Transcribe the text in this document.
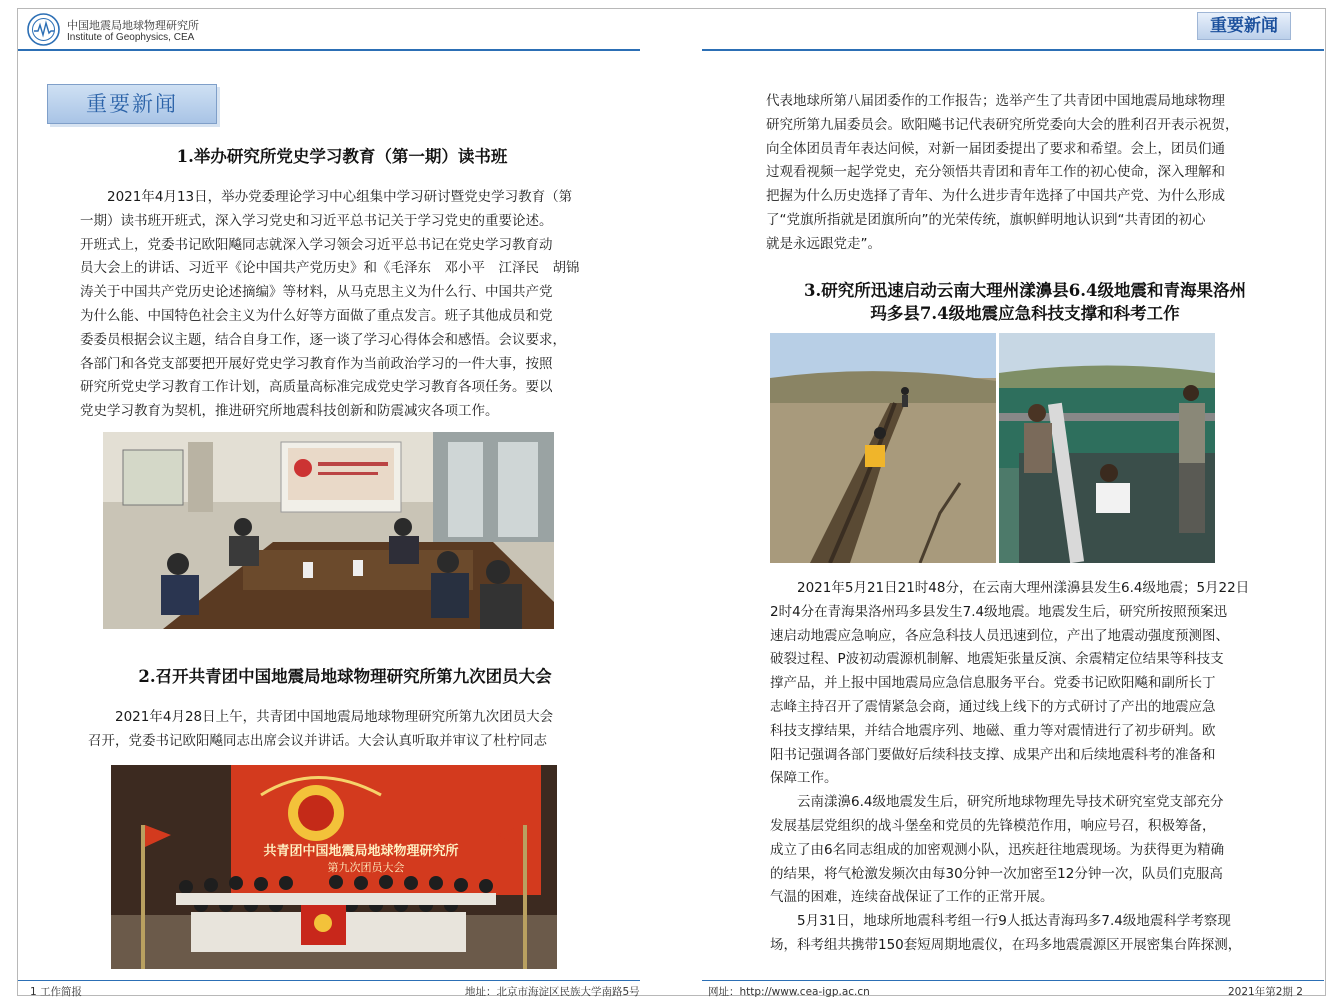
中国地震局地球物理研究所
Institute of Geophysics, CEA
重要新闻
重要新闻
1.举办研究所党史学习教育（第一期）读书班
2021年4月13日，举办党委理论学习中心组集中学习研讨暨党史学习教育（第
一期）读书班开班式，深入学习党史和习近平总书记关于学习党史的重要论述。
开班式上，党委书记欧阳飚同志就深入学习领会习近平总书记在党史学习教育动
员大会上的讲话、习近平《论中国共产党历史》和《毛泽东　邓小平　江泽民　胡锦
涛关于中国共产党历史论述摘编》等材料，从马克思主义为什么行、中国共产党
为什么能、中国特色社会主义为什么好等方面做了重点发言。班子其他成员和党
委委员根据会议主题，结合自身工作，逐一谈了学习心得体会和感悟。会议要求，
各部门和各党支部要把开展好党史学习教育作为当前政治学习的一件大事，按照
研究所党史学习教育工作计划，高质量高标准完成党史学习教育各项任务。要以
党史学习教育为契机，推进研究所地震科技创新和防震减灾各项工作。
2.召开共青团中国地震局地球物理研究所第九次团员大会
2021年4月28日上午，共青团中国地震局地球物理研究所第九次团员大会
召开，党委书记欧阳飚同志出席会议并讲话。大会认真听取并审议了杜柠同志
共青团中国地震局地球物理研究所
第九次团员大会
代表地球所第八届团委作的工作报告；选举产生了共青团中国地震局地球物理
研究所第九届委员会。欧阳飚书记代表研究所党委向大会的胜利召开表示祝贺，
向全体团员青年表达问候，对新一届团委提出了要求和希望。会上，团员们通
过观看视频一起学党史，充分领悟共青团和青年工作的初心使命，深入理解和
把握为什么历史选择了青年、为什么进步青年选择了中国共产党、为什么形成
了“党旗所指就是团旗所向”的光荣传统，旗帜鲜明地认识到“共青团的初心
就是永远跟党走”。
3.研究所迅速启动云南大理州漾濞县6.4级地震和青海果洛州
玛多县7.4级地震应急科技支撑和科考工作
2021年5月21日21时48分，在云南大理州漾濞县发生6.4级地震；5月22日
2时4分在青海果洛州玛多县发生7.4级地震。地震发生后，研究所按照预案迅
速启动地震应急响应，各应急科技人员迅速到位，产出了地震动强度预测图、
破裂过程、P波初动震源机制解、地震矩张量反演、余震精定位结果等科技支
撑产品，并上报中国地震局应急信息服务平台。党委书记欧阳飚和副所长丁
志峰主持召开了震情紧急会商，通过线上线下的方式研讨了产出的地震应急
科技支撑结果，并结合地震序列、地磁、重力等对震情进行了初步研判。欧
阳书记强调各部门要做好后续科技支撑、成果产出和后续地震科考的准备和
保障工作。
云南漾濞6.4级地震发生后，研究所地球物理先导技术研究室党支部充分
发展基层党组织的战斗堡垒和党员的先锋模范作用，响应号召，积极筹备，
成立了由6名同志组成的加密观测小队，迅疾赶往地震现场。为获得更为精确
的结果，将气枪激发频次由每30分钟一次加密至12分钟一次，队员们克服高
气温的困难，连续奋战保证了工作的正常开展。
5月31日，地球所地震科考组一行9人抵达青海玛多7.4级地震科学考察现
场，科考组共携带150套短周期地震仪，在玛多地震震源区开展密集台阵探测，
1 工作简报	地址：北京市海淀区民族大学南路5号	网址：http://www.cea-igp.ac.cn	2021年第2期 2
